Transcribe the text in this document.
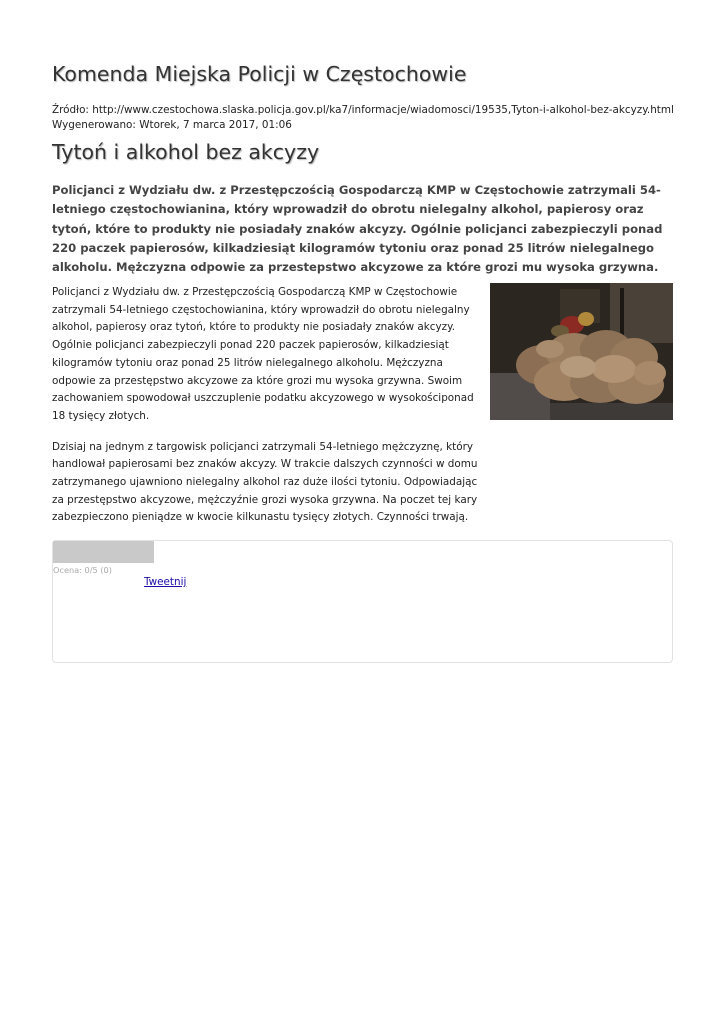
Komenda Miejska Policji w Częstochowie
Źródło: http://www.czestochowa.slaska.policja.gov.pl/ka7/informacje/wiadomosci/19535,Tyton-i-alkohol-bez-akcyzy.html
Wygenerowano: Wtorek, 7 marca 2017, 01:06
Tytoń i alkohol bez akcyzy

Policjanci z Wydziału dw. z Przestępczością Gospodarczą KMP w Częstochowie zatrzymali 54-letniego częstochowianina, który wprowadził do obrotu nielegalny alkohol, papierosy oraz tytoń, które to produkty nie posiadały znaków akcyzy. Ogólnie policjanci zabezpieczyli ponad 220 paczek papierosów, kilkadziesiąt kilogramów tytoniu oraz ponad 25 litrów nielegalnego alkoholu. Mężczyzna odpowie za przestepstwo akcyzowe za które grozi mu wysoka grzywna.

Policjanci z Wydziału dw. z Przestępczością Gospodarczą KMP w Częstochowie zatrzymali 54-letniego częstochowianina, który wprowadził do obrotu nielegalny alkohol, papierosy oraz tytoń, które to produkty nie posiadały znaków akcyzy. Ogólnie policjanci zabezpieczyli ponad 220 paczek papierosów, kilkadziesiąt kilogramów tytoniu oraz ponad 25 litrów nielegalnego alkoholu. Mężczyzna odpowie za przestępstwo akcyzowe za które grozi mu wysoka grzywna. Swoim zachowaniem spowodował uszczuplenie podatku akcyzowego w wysokościponad 18 tysięcy złotych.

Dzisiaj na jednym z targowisk policjanci zatrzymali 54-letniego mężczyznę, który handlował papierosami bez znaków akcyzy. W trakcie dalszych czynności w domu zatrzymanego ujawniono nielegalny alkohol raz duże ilości tytoniu. Odpowiadając za przestępstwo akcyzowe, mężczyźnie grozi wysoka grzywna. Na poczet tej kary zabezpieczono pieniądze w kwocie kilkunastu tysięcy złotych. Czynności trwają.

Ocena: 0/5 (0)
Tweetnij
